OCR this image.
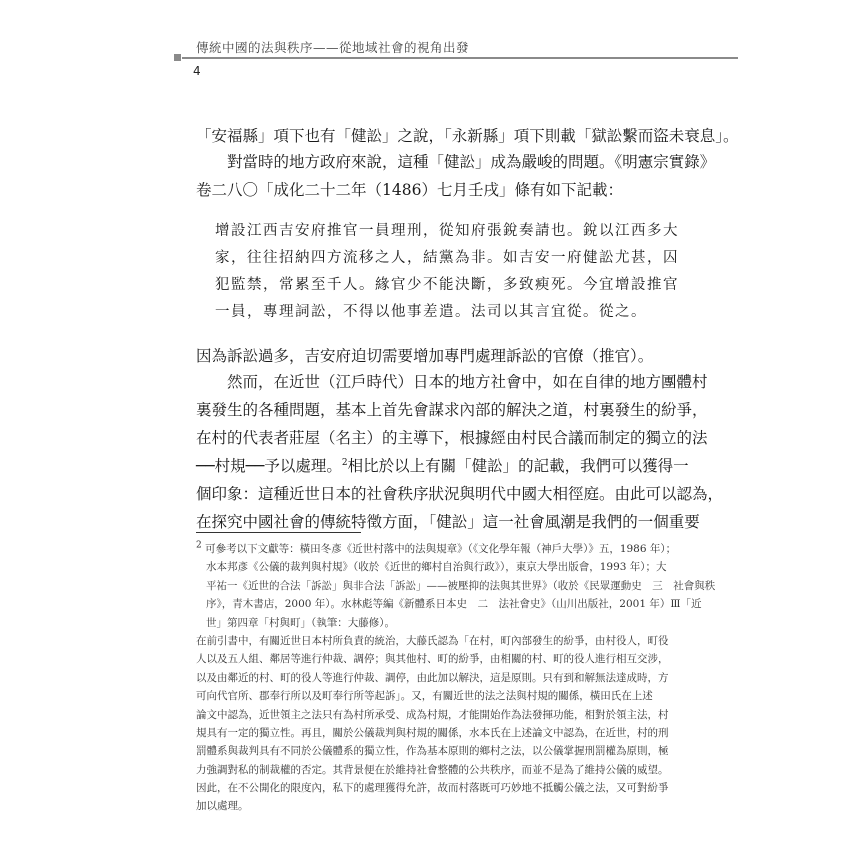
傳統中國的法與秩序——從地域社會的視角出發
4
「安福縣」項下也有「健訟」之說，「永新縣」項下則載「獄訟繫而盜未衰息」。
對當時的地方政府來說，這種「健訟」成為嚴峻的問題。《明憲宗實錄》
卷二八〇「成化二十二年（1486）七月壬戌」條有如下記載：
增設江西吉安府推官一員理刑，從知府張銳奏請也。銳以江西多大
家，往往招納四方流移之人，結黨為非。如吉安一府健訟尤甚，囚
犯監禁，常累至千人。緣官少不能決斷，多致瘐死。今宜增設推官
一員，專理詞訟，不得以他事差遣。法司以其言宜從。從之。
因為訴訟過多，吉安府迫切需要增加專門處理訴訟的官僚（推官）。
然而，在近世（江戶時代）日本的地方社會中，如在自律的地方團體村
裏發生的各種問題，基本上首先會謀求內部的解決之道，村裏發生的紛爭，
在村的代表者莊屋（名主）的主導下，根據經由村民合議而制定的獨立的法
──村規──予以處理。$^2$相比於以上有關「健訟」的記載，我們可以獲得一
個印象：這種近世日本的社會秩序狀況與明代中國大相徑庭。由此可以認為，
在探究中國社會的傳統特徵方面，「健訟」這一社會風潮是我們的一個重要
$^2$ 可參考以下文獻等：橫田冬彥《近世村落中的法與規章》（《文化學年報（神戶大學）》五，1986 年）；
水本邦彥《公儀的裁判與村規》（收於《近世的鄉村自治與行政》），東京大學出版會，1993 年）；大
平祐一《近世的合法「訴訟」與非合法「訴訟」——被壓抑的法與其世界》（收於《民眾運動史　三　社會與秩
序》，青木書店，2000 年）。水林彪等編《新體系日本史　二　法社會史》（山川出版社，2001 年）Ⅲ「近
世」第四章「村與町」（執筆：大藤修）。
在前引書中，有關近世日本村所負責的統治，大藤氏認為「在村，町內部發生的紛爭，由村役人，町役
人以及五人組、鄰居等進行仲裁、調停；與其他村、町的紛爭，由相關的村、町的役人進行相互交涉，
以及由鄰近的村、町的役人等進行仲裁、調停，由此加以解決，這是原則。只有到和解無法達成時，方
可向代官所、郡奉行所以及町奉行所等起訴」。又，有關近世的法之法與村規的關係，橫田氏在上述
論文中認為，近世領主之法只有為村所承受、成為村規，才能開始作為法發揮功能，相對於領主法，村
規具有一定的獨立性。再且，關於公儀裁判與村規的關係，水本氏在上述論文中認為，在近世，村的刑
罰體系與裁判具有不同於公儀體系的獨立性，作為基本原則的鄉村之法，以公儀掌握刑罰權為原則，極
力強調對私的制裁權的否定。其背景便在於維持社會整體的公共秩序，而並不是為了維持公儀的威望。
因此，在不公開化的限度內，私下的處理獲得允許，故而村落既可巧妙地不抵觸公儀之法，又可對紛爭
加以處理。
